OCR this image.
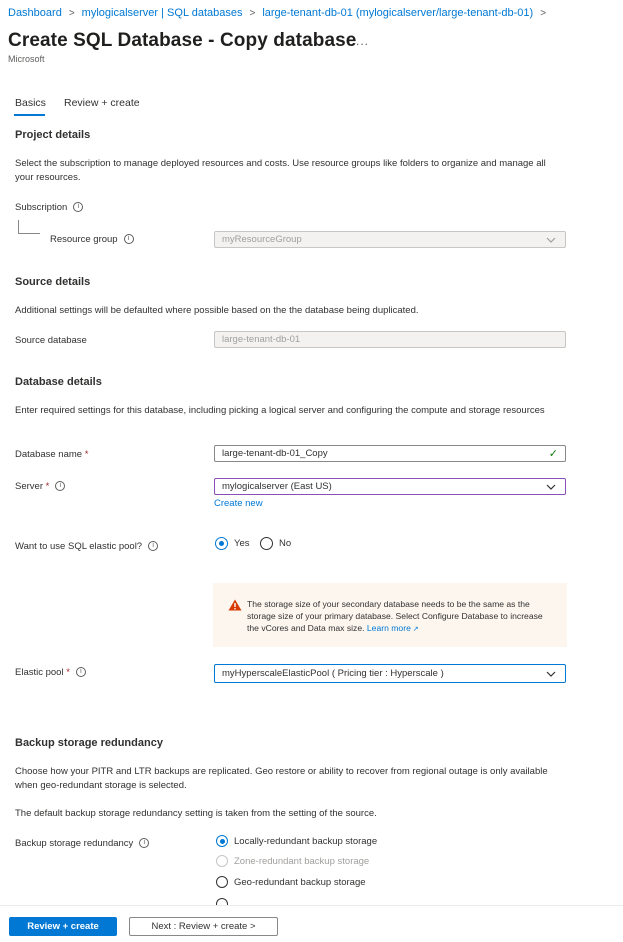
Dashboard > mylogicalserver | SQL databases > large-tenant-db-01 (mylogicalserver/large-tenant-db-01) >
Create SQL Database - Copy database ...
Microsoft
Basics Review + create
Project details
Select the subscription to manage deployed resources and costs. Use resource groups like folders to organize and manage all your resources.
Subscription i
Resource group i	myResourceGroup
Source details
Additional settings will be defaulted where possible based on the the database being duplicated.
Source database	large-tenant-db-01
Database details
Enter required settings for this database, including picking a logical server and configuring the compute and storage resources
Database name *	large-tenant-db-01_Copy	✓
Server * i	mylogicalserver (East US)
Create new
Want to use SQL elastic pool? i	Yes	No
The storage size of your secondary database needs to be the same as the storage size of your primary database. Select Configure Database to increase the vCores and Data max size. Learn more ↗
Elastic pool * i	myHyperscaleElasticPool ( Pricing tier : Hyperscale )
Backup storage redundancy
Choose how your PITR and LTR backups are replicated. Geo restore or ability to recover from regional outage is only available when geo-redundant storage is selected.
The default backup storage redundancy setting is taken from the setting of the source.
Backup storage redundancy i	Locally-redundant backup storage
Zone-redundant backup storage
Geo-redundant backup storage
Review + create	Next : Review + create >
